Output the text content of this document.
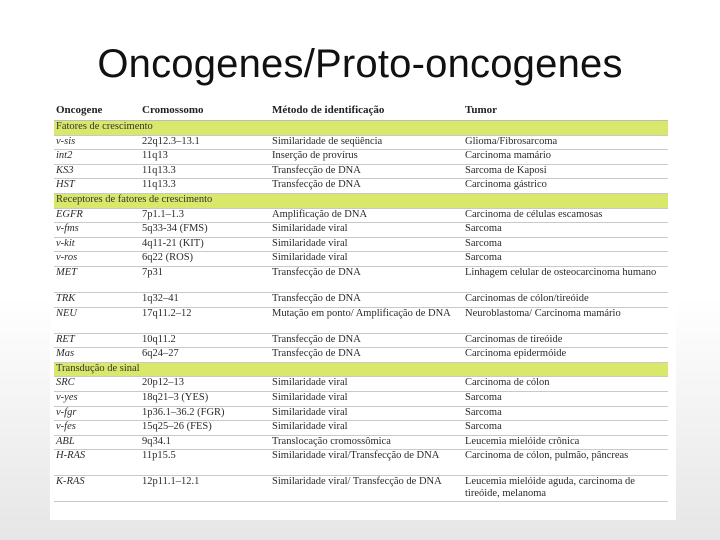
Oncogenes/Proto-oncogenes
Oncogene	Cromossomo	Método de identificação	Tumor
Fatores de crescimento			
v-sis	22q12.3–13.1	Similaridade de seqüência	Glioma/Fibrosarcoma
int2	11q13	Inserção de provírus	Carcinoma mamário
KS3	11q13.3	Transfecção de DNA	Sarcoma de Kaposi
HST	11q13.3	Transfecção de DNA	Carcinoma gástrico
Receptores de fatores de crescimento			
EGFR	7p1.1–1.3	Amplificação de DNA	Carcinoma de células escamosas
v-fms	5q33-34 (FMS)	Similaridade viral	Sarcoma
v-kit	4q11-21 (KIT)	Similaridade viral	Sarcoma
v-ros	6q22 (ROS)	Similaridade viral	Sarcoma
MET	7p31	Transfecção de DNA	Linhagem celular de osteocarcinoma humano
TRK	1q32–41	Transfecção de DNA	Carcinomas de cólon/tireóide
NEU	17q11.2–12	Mutação em ponto/ Amplificação de DNA	Neuroblastoma/ Carcinoma mamário
RET	10q11.2	Transfecção de DNA	Carcinomas de tireóide
Mas	6q24–27	Transfecção de DNA	Carcinoma epidermóide
Transdução de sinal			
SRC	20p12–13	Similaridade viral	Carcinoma de cólon
v-yes	18q21–3 (YES)	Similaridade viral	Sarcoma
v-fgr	1p36.1–36.2 (FGR)	Similaridade viral	Sarcoma
v-fes	15q25–26 (FES)	Similaridade viral	Sarcoma
ABL	9q34.1	Translocação cromossômica	Leucemia mielóide crônica
H-RAS	11p15.5	Similaridade viral/Transfecção de DNA	Carcinoma de cólon, pulmão, pâncreas
K-RAS	12p11.1–12.1	Similaridade viral/ Transfecção de DNA	Leucemia mielóide aguda, carcinoma de tireóide, melanoma
